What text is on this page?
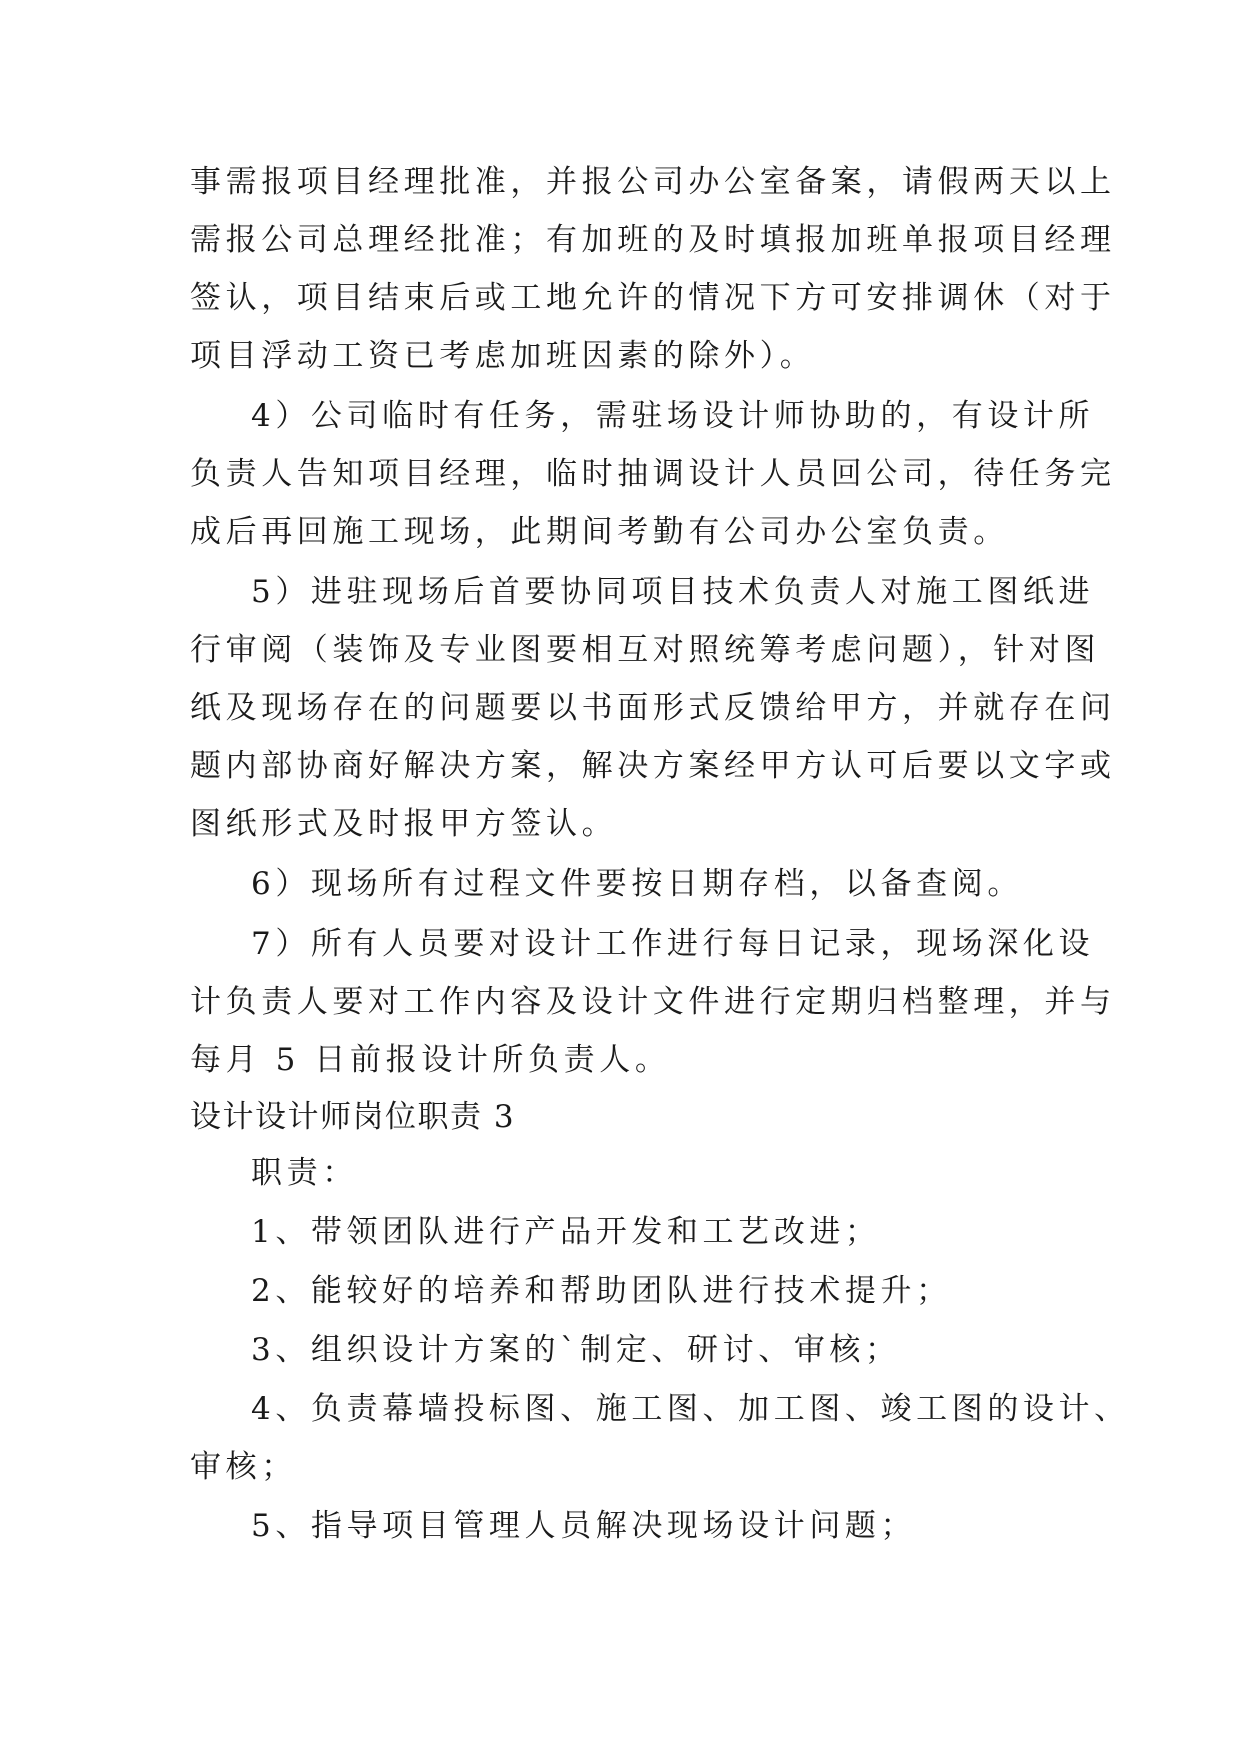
事需报项目经理批准，并报公司办公室备案，请假两天以上
需报公司总理经批准；有加班的及时填报加班单报项目经理
签认，项目结束后或工地允许的情况下方可安排调休（对于
项目浮动工资已考虑加班因素的除外）。
4）公司临时有任务，需驻场设计师协助的，有设计所
负责人告知项目经理，临时抽调设计人员回公司，待任务完
成后再回施工现场，此期间考勤有公司办公室负责。
5）进驻现场后首要协同项目技术负责人对施工图纸进
行审阅（装饰及专业图要相互对照统筹考虑问题），针对图
纸及现场存在的问题要以书面形式反馈给甲方，并就存在问
题内部协商好解决方案，解决方案经甲方认可后要以文字或
图纸形式及时报甲方签认。
6）现场所有过程文件要按日期存档，以备查阅。
7）所有人员要对设计工作进行每日记录，现场深化设
计负责人要对工作内容及设计文件进行定期归档整理，并与
每月 5 日前报设计所负责人。
设计设计师岗位职责 3
职责：
1、带领团队进行产品开发和工艺改进；
2、能较好的培养和帮助团队进行技术提升；
3、组织设计方案的`制定、研讨、审核；
4、负责幕墙投标图、施工图、加工图、竣工图的设计、
审核；
5、指导项目管理人员解决现场设计问题；
